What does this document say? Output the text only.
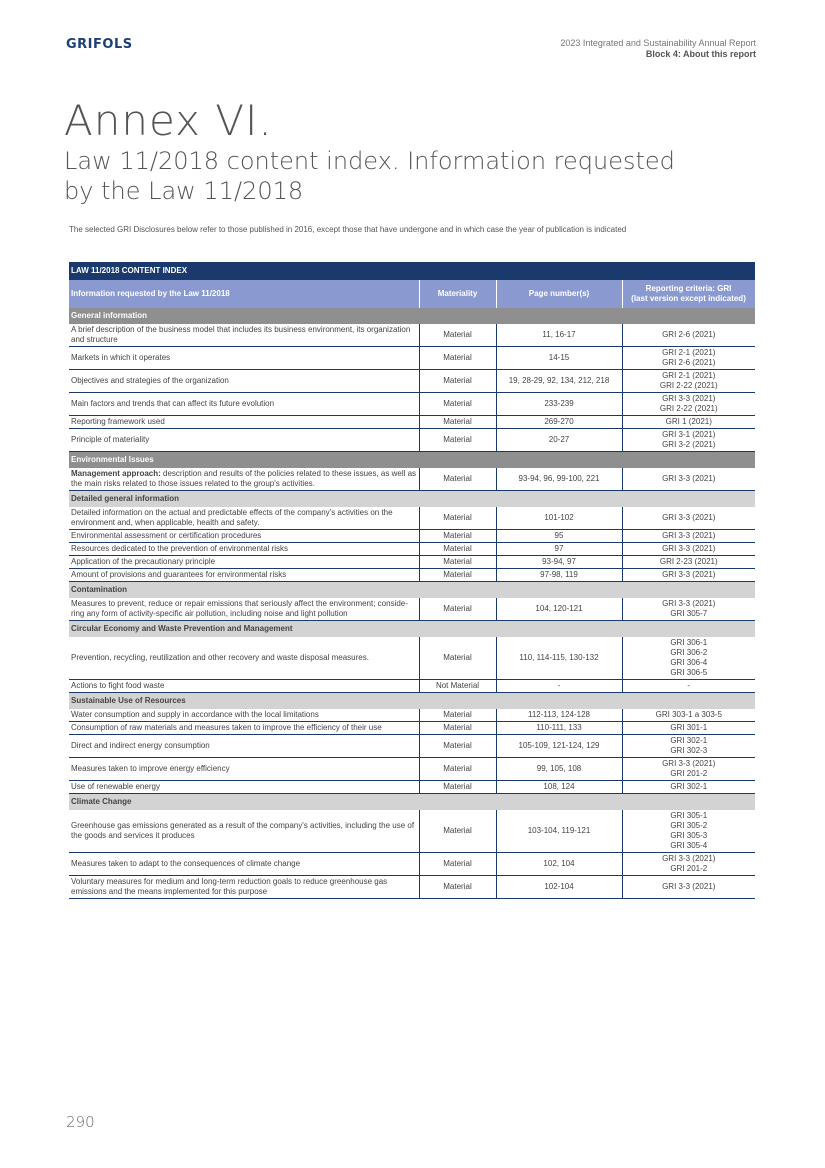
GRIFOLS	2023 Integrated and Sustainability Annual Report
Block 4: About this report
Annex VI.
Law 11/2018 content index. Information requested by the Law 11/2018
The selected GRI Disclosures below refer to those published in 2016, except those that have undergone and in which case the year of publication is indicated
LAW 11/2018 CONTENT INDEX			
Information requested by the Law 11/2018	Materiality	Page number(s)	Reporting criteria: GRI
(last version except indicated)
General information			
A brief description of the business model that includes its business environment, its organization and structure	Material	11, 16-17	GRI 2-6 (2021)
Markets in which it operates	Material	14-15	GRI 2-1 (2021)
GRI 2-6 (2021)
Objectives and strategies of the organization	Material	19, 28-29, 92, 134, 212, 218	GRI 2-1 (2021)
GRI 2-22 (2021)
Main factors and trends that can affect its future evolution	Material	233-239	GRI 3-3 (2021)
GRI 2-22 (2021)
Reporting framework used	Material	269-270	GRI 1 (2021)
Principle of materiality	Material	20-27	GRI 3-1 (2021)
GRI 3-2 (2021)
Environmental Issues			
Management approach: description and results of the policies related to these issues, as well as the main risks related to those issues related to the group's activities.	Material	93-94, 96, 99-100, 221	GRI 3-3 (2021)
Detailed general information			
Detailed information on the actual and predictable effects of the company's activities on the environment and, when applicable, health and safety.	Material	101-102	GRI 3-3 (2021)
Environmental assessment or certification procedures	Material	95	GRI 3-3 (2021)
Resources dedicated to the prevention of environmental risks	Material	97	GRI 3-3 (2021)
Application of the precautionary principle	Material	93-94, 97	GRI 2-23 (2021)
Amount of provisions and guarantees for environmental risks	Material	97-98, 119	GRI 3-3 (2021)
Contamination			
Measures to prevent, reduce or repair emissions that seriously affect the environment; conside-ring any form of activity-specific air pollution, including noise and light pollution	Material	104, 120-121	GRI 3-3 (2021)
GRI 305-7
Circular Economy and Waste Prevention and Management			
Prevention, recycling, reutilization and other recovery and waste disposal measures.	Material	110, 114-115, 130-132	GRI 306-1
GRI 306-2
GRI 306-4
GRI 306-5
Actions to fight food waste	Not Material	-	-
Sustainable Use of Resources			
Water consumption and supply in accordance with the local limitations	Material	112-113, 124-128	GRI 303-1 a 303-5
Consumption of raw materials and measures taken to improve the efficiency of their use	Material	110-111, 133	GRI 301-1
Direct and indirect energy consumption	Material	105-109, 121-124, 129	GRI 302-1
GRI 302-3
Measures taken to improve energy efficiency	Material	99, 105, 108	GRI 3-3 (2021)
GRI 201-2
Use of renewable energy	Material	108, 124	GRI 302-1
Climate Change			
Greenhouse gas emissions generated as a result of the company's activities, including the use of the goods and services it produces	Material	103-104, 119-121	GRI 305-1
GRI 305-2
GRI 305-3
GRI 305-4
Measures taken to adapt to the consequences of climate change	Material	102, 104	GRI 3-3 (2021)
GRI 201-2
Voluntary measures for medium and long-term reduction goals to reduce greenhouse gas emissions and the means implemented for this purpose	Material	102-104	GRI 3-3 (2021)
290
